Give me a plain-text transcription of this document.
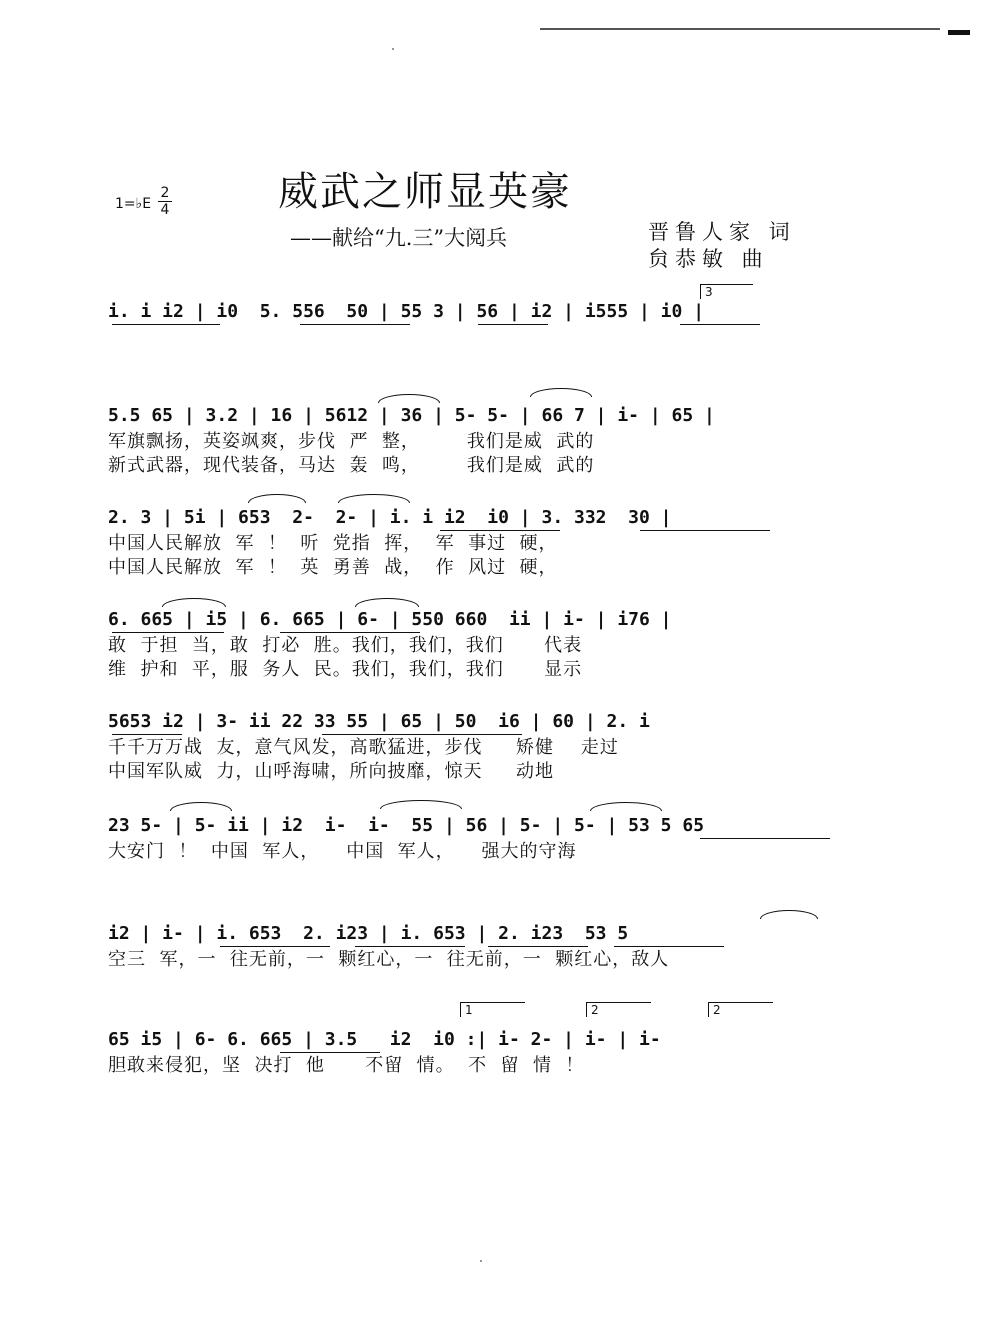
1=♭E $\frac{2}{4}$	威武之师显英豪
——献给“九.三”大阅兵	晋鲁人家 词
贠恭敏 曲
i. i i2 | i0  5. 556  50 | 55 3 | 56 | i2 | i555 | i0 |
3
5.5 65 | 3.2 | 16 | 5612 | 36 | 5- 5- | 66 7 | i- | 65 |
军旗飘扬，英姿飒爽，步伐  严  整，       我们是威  武的
新式武器，现代装备，马达  轰  鸣，       我们是威  武的
2. 3 | 5i | 653  2-  2- | i. i i2  i0 | 3. 332  30 |
中国人民解放  军  ！  听  党指  挥，  军  事过  硬，
中国人民解放  军  ！  英  勇善  战，  作  风过  硬，
6. 665 | i5 | 6. 665 | 6- | 550 660  ii | i- | i76 |
敢  于担  当，敢  打必  胜。我们，我们，我们      代表
维  护和  平，服  务人  民。我们，我们，我们      显示
5653 i2 | 3- ii 22 33 55 | 65 | 50  i6 | 60 | 2. i
千千万万战  友，意气风发，高歌猛进，步伐     矫健    走过
中国军队威  力，山呼海啸，所向披靡，惊天     动地
23 5- | 5- ii | i2  i-  i-  55 | 56 | 5- | 5- | 53 5 65
大安门  ！  中国  军人，    中国  军人，    强大的守海
i2 | i- | i. 653  2. i23 | i. 653 | 2. i23  53 5
空三  军，一  往无前，一  颗红心，一  往无前，一  颗红心，敌人
65 i5 | 6- 6. 665 | 3.5   i2  i0 :| i- 2- | i- | i-
胆敢来侵犯，坚  决打  他      不留  情。  不  留  情  ！
1	2	2
